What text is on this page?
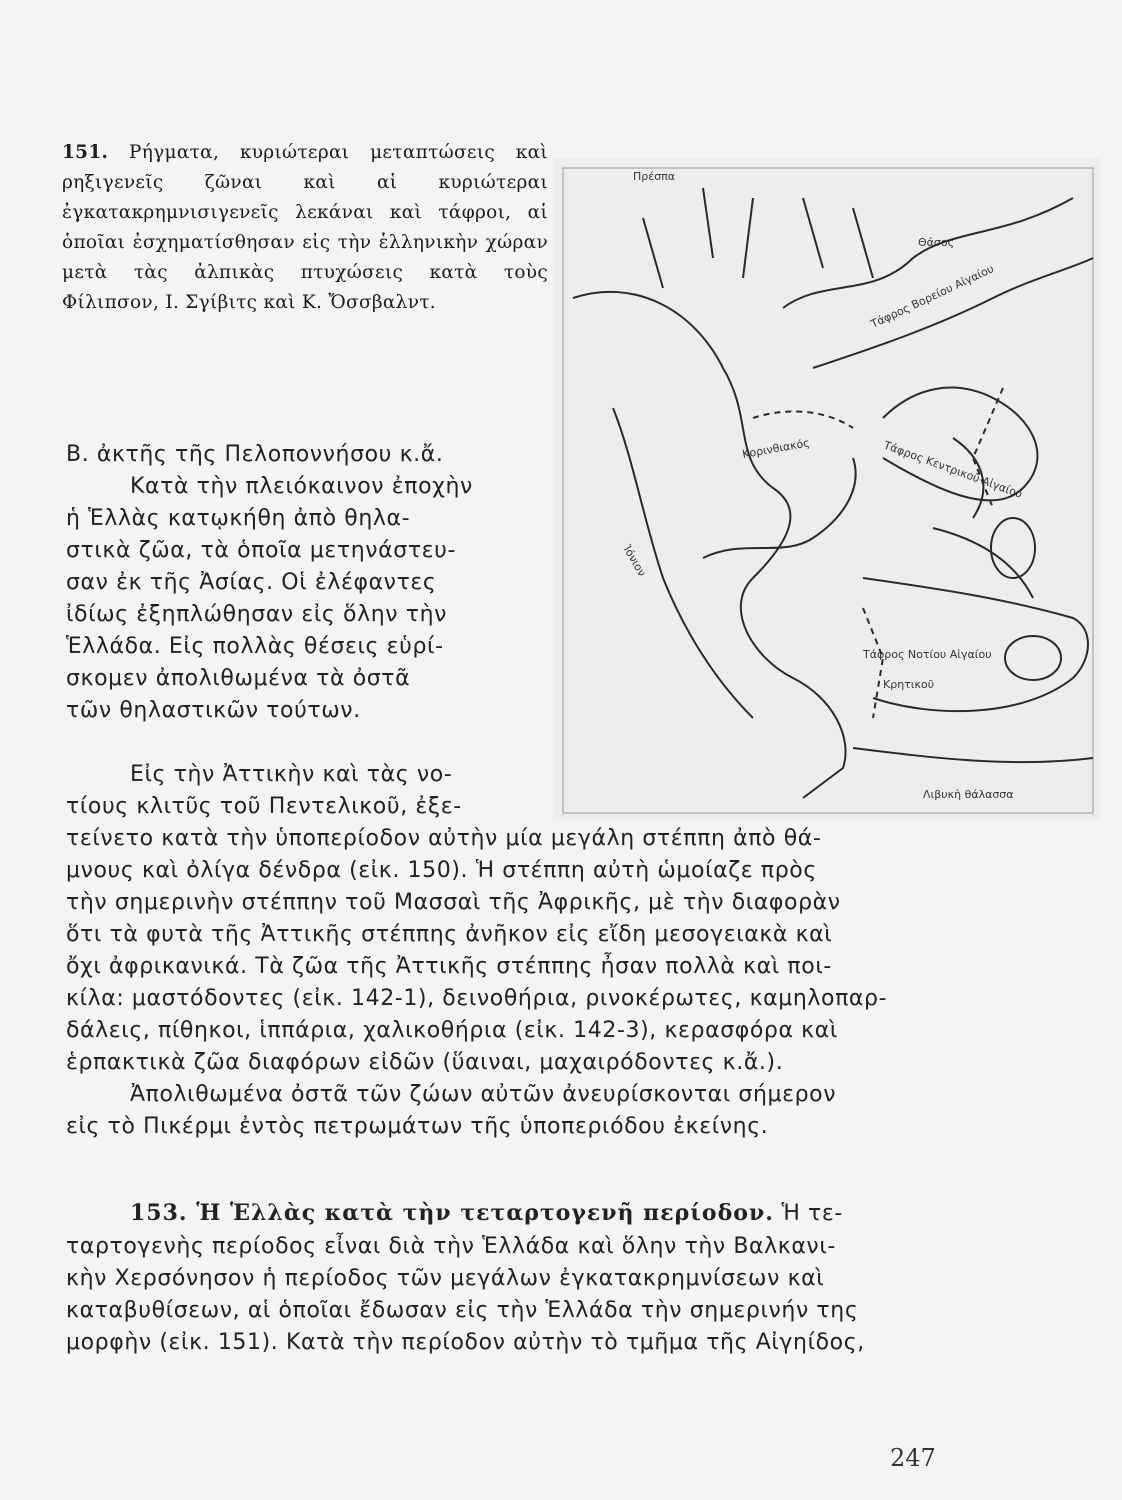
151. Ρήγματα, κυριώτεραι μεταπτώσεις καὶ ρηξιγενεῖς ζῶναι καὶ αἱ κυριώτεραι ἐγκατακρημνισιγενεῖς λεκάναι καὶ τάφροι, αἱ ὁποῖαι ἐσχηματίσθησαν εἰς τὴν ἑλληνικὴν χώραν μετὰ τὰς ἀλπικὰς πτυχώσεις κατὰ τοὺς Φίλιπσον, Ι. Σγίβιτς καὶ Κ. Ὄσσβαλντ.
Πρέσπα
Θάσος
Τάφρος Βορείου Αἰγαίου
Τάφρος Κεντρικοῦ Αἰγαίου
Ἰόνιον
Τάφρος Νοτίου Αἰγαίου
Κρητικοῦ
Λιβυκὴ θάλασσα
Κορινθιακός
Β. ἀκτῆς τῆς Πελοποννήσου κ.ἄ.
Κατὰ τὴν πλειόκαινον ἐποχὴν
ἡ Ἑλλὰς κατῳκήθη ἀπὸ θηλα-
στικὰ ζῶα, τὰ ὁποῖα μετηνάστευ-
σαν ἐκ τῆς Ἀσίας. Οἱ ἐλέφαντες
ἰδίως ἐξηπλώθησαν εἰς ὅλην τὴν
Ἑλλάδα. Εἰς πολλὰς θέσεις εὑρί-
σκομεν ἀπολιθωμένα τὰ ὀστᾶ
τῶν θηλαστικῶν τούτων.
Εἰς τὴν Ἀττικὴν καὶ τὰς νο-
τίους κλιτῦς τοῦ Πεντελικοῦ, ἐξε-
τείνετο κατὰ τὴν ὑποπερίοδον αὐτὴν μία μεγάλη στέππη ἀπὸ θά-
μνους καὶ ὀλίγα δένδρα (εἰκ. 150). Ἡ στέππη αὐτὴ ὡμοίαζε πρὸς
τὴν σημερινὴν στέππην τοῦ Μασσαὶ τῆς Ἀφρικῆς, μὲ τὴν διαφορὰν
ὅτι τὰ φυτὰ τῆς Ἀττικῆς στέππης ἀνῆκον εἰς εἴδη μεσογειακὰ καὶ
ὄχι ἀφρικανικά. Τὰ ζῶα τῆς Ἀττικῆς στέππης ἦσαν πολλὰ καὶ ποι-
κίλα: μαστόδοντες (εἰκ. 142-1), δεινοθήρια, ρινοκέρωτες, καμηλοπαρ-
δάλεις, πίθηκοι, ἱππάρια, χαλικοθήρια (εἰκ. 142-3), κερασφόρα καὶ
ἑρπακτικὰ ζῶα διαφόρων εἰδῶν (ὕαιναι, μαχαιρόδοντες κ.ἄ.).
Ἀπολιθωμένα ὀστᾶ τῶν ζώων αὐτῶν ἀνευρίσκονται σήμερον
εἰς τὸ Πικέρμι ἐντὸς πετρωμάτων τῆς ὑποπεριόδου ἐκείνης.
153. Ἡ Ἑλλὰς κατὰ τὴν τεταρτογενῆ περίοδον. Ἡ τε-
ταρτογενὴς περίοδος εἶναι διὰ τὴν Ἑλλάδα καὶ ὅλην τὴν Βαλκανι-
κὴν Χερσόνησον ἡ περίοδος τῶν μεγάλων ἐγκατακρημνίσεων καὶ
καταβυθίσεων, αἱ ὁποῖαι ἔδωσαν εἰς τὴν Ἑλλάδα τὴν σημερινήν της
μορφὴν (εἰκ. 151). Κατὰ τὴν περίοδον αὐτὴν τὸ τμῆμα τῆς Αἰγηίδος,
247
